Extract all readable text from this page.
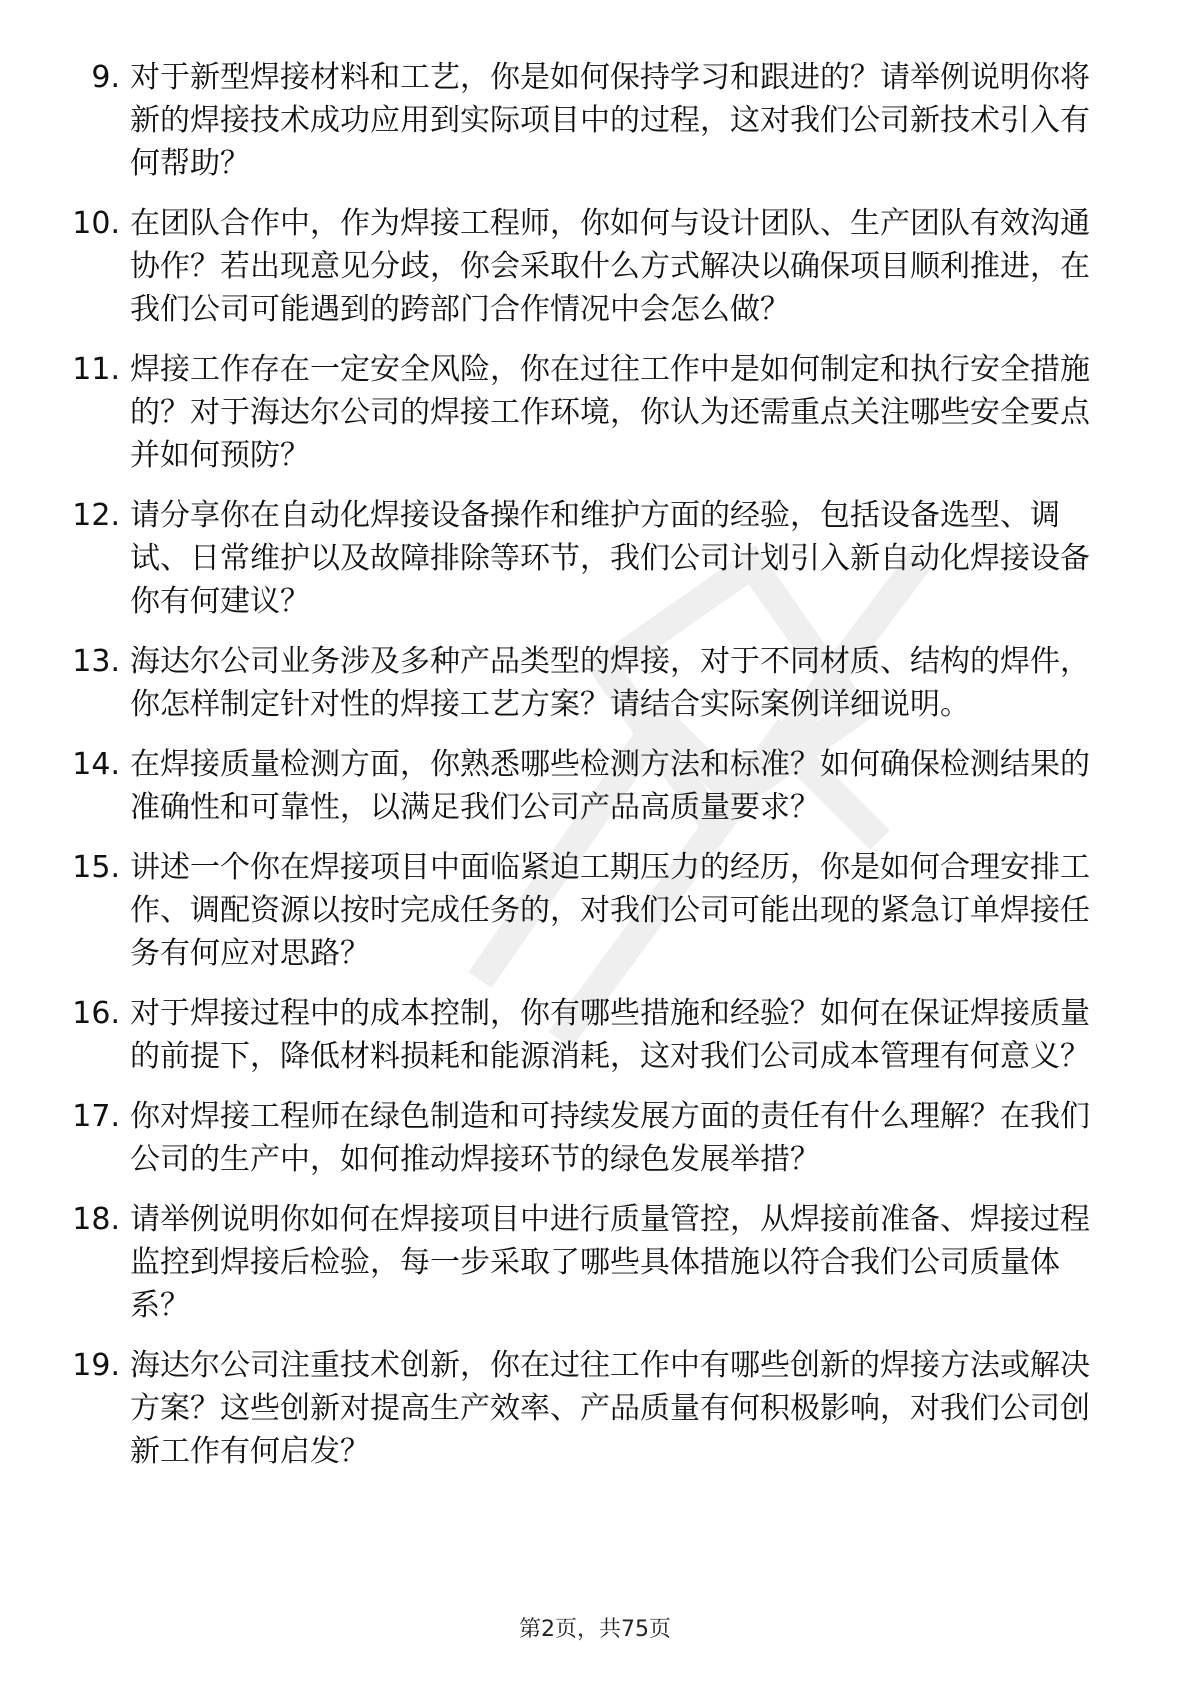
9. 对于新型焊接材料和工艺，你是如何保持学习和跟进的？请举例说明你将新的焊接技术成功应用到实际项目中的过程，这对我们公司新技术引入有何帮助？
10. 在团队合作中，作为焊接工程师，你如何与设计团队、生产团队有效沟通协作？若出现意见分歧，你会采取什么方式解决以确保项目顺利推进，在我们公司可能遇到的跨部门合作情况中会怎么做？
11. 焊接工作存在一定安全风险，你在过往工作中是如何制定和执行安全措施的？对于海达尔公司的焊接工作环境，你认为还需重点关注哪些安全要点并如何预防？
12. 请分享你在自动化焊接设备操作和维护方面的经验，包括设备选型、调试、日常维护以及故障排除等环节，我们公司计划引入新自动化焊接设备你有何建议？
13. 海达尔公司业务涉及多种产品类型的焊接，对于不同材质、结构的焊件，你怎样制定针对性的焊接工艺方案？请结合实际案例详细说明。
14. 在焊接质量检测方面，你熟悉哪些检测方法和标准？如何确保检测结果的准确性和可靠性，以满足我们公司产品高质量要求？
15. 讲述一个你在焊接项目中面临紧迫工期压力的经历，你是如何合理安排工作、调配资源以按时完成任务的，对我们公司可能出现的紧急订单焊接任务有何应对思路？
16. 对于焊接过程中的成本控制，你有哪些措施和经验？如何在保证焊接质量的前提下，降低材料损耗和能源消耗，这对我们公司成本管理有何意义？
17. 你对焊接工程师在绿色制造和可持续发展方面的责任有什么理解？在我们公司的生产中，如何推动焊接环节的绿色发展举措？
18. 请举例说明你如何在焊接项目中进行质量管控，从焊接前准备、焊接过程监控到焊接后检验，每一步采取了哪些具体措施以符合我们公司质量体系？
19. 海达尔公司注重技术创新，你在过往工作中有哪些创新的焊接方法或解决方案？这些创新对提高生产效率、产品质量有何积极影响，对我们公司创新工作有何启发？
第2页，共75页
